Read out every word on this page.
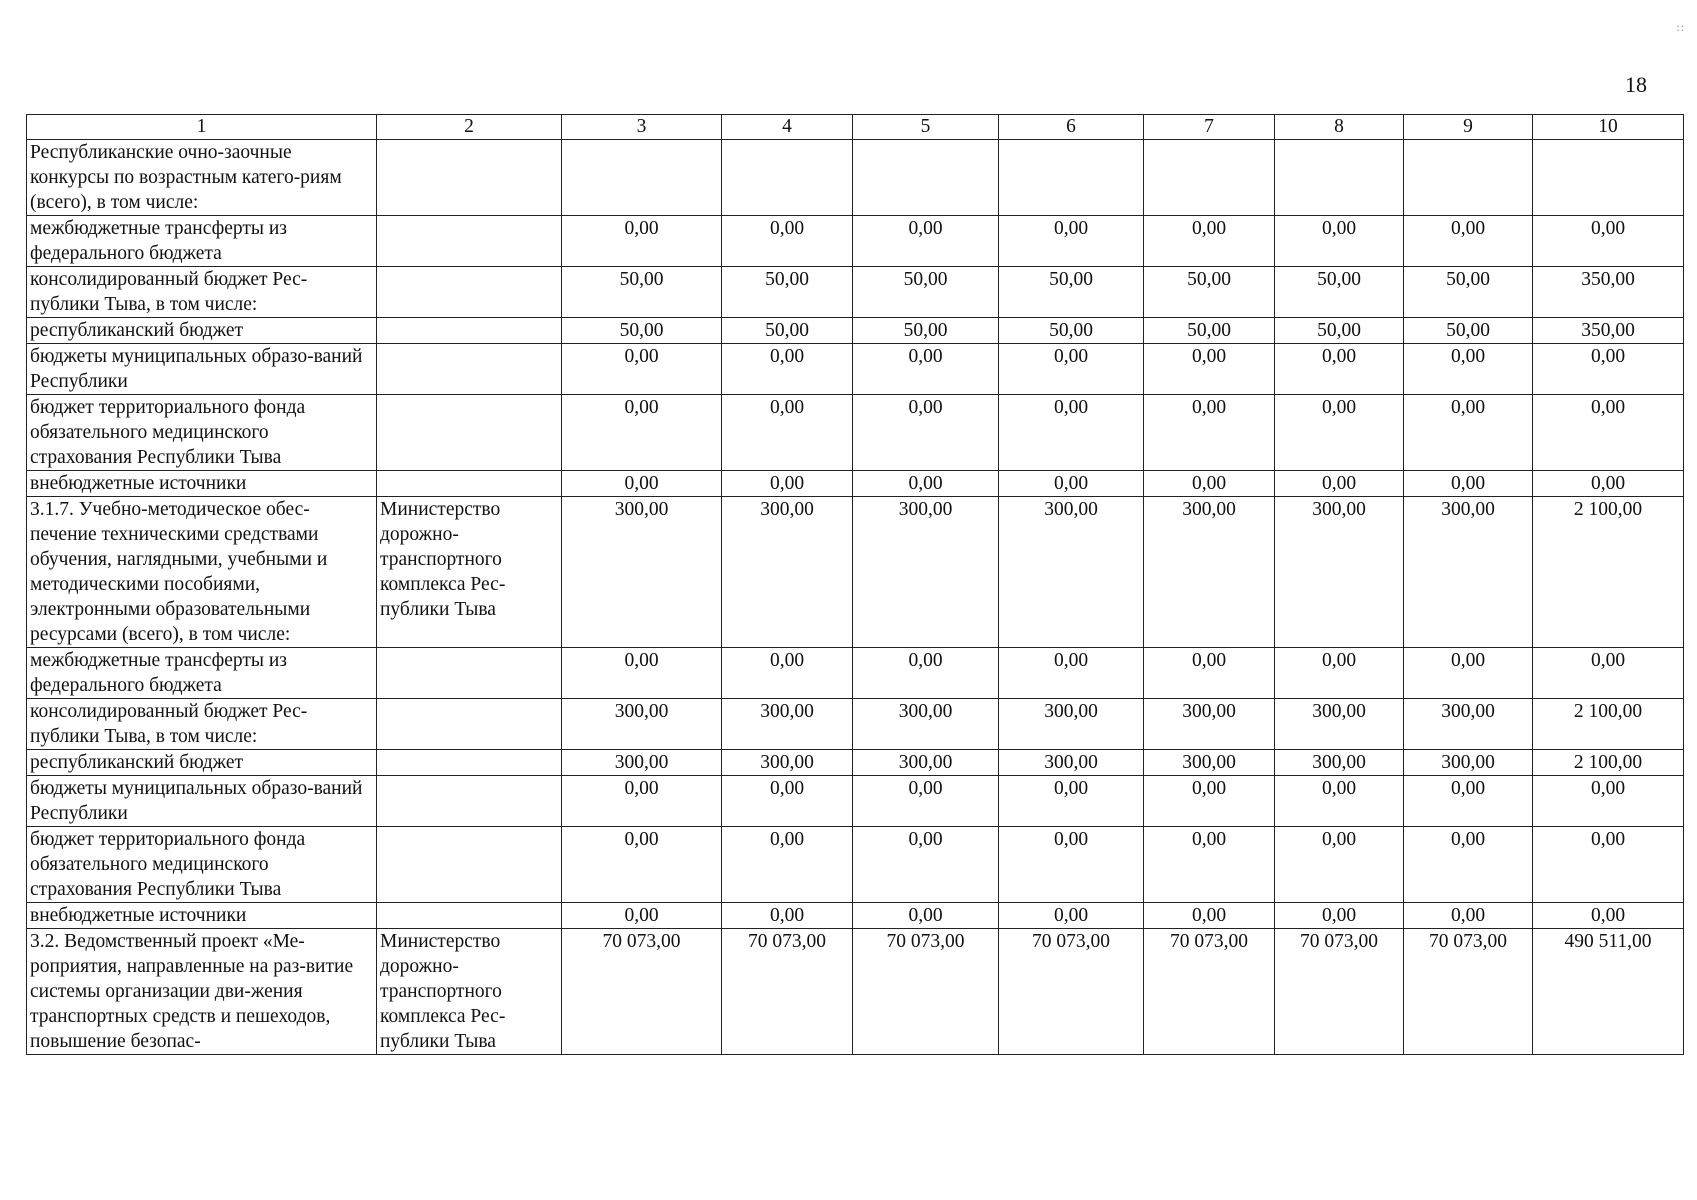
::
18
1	2	3	4	5	6	7	8	9	10
Республиканские очно-заочные конкурсы по возрастным катего-риям (всего), в том числе:									
межбюджетные трансферты из федерального бюджета		0,00	0,00	0,00	0,00	0,00	0,00	0,00	0,00
консолидированный бюджет Рес-публики Тыва, в том числе:		50,00	50,00	50,00	50,00	50,00	50,00	50,00	350,00
республиканский бюджет		50,00	50,00	50,00	50,00	50,00	50,00	50,00	350,00
бюджеты муниципальных образо-ваний Республики		0,00	0,00	0,00	0,00	0,00	0,00	0,00	0,00
бюджет территориального фонда обязательного медицинского страхования Республики Тыва		0,00	0,00	0,00	0,00	0,00	0,00	0,00	0,00
внебюджетные источники		0,00	0,00	0,00	0,00	0,00	0,00	0,00	0,00
3.1.7. Учебно-методическое обес-печение техническими средствами обучения, наглядными, учебными и методическими пособиями, электронными образовательными ресурсами (всего), в том числе:	Министерство дорожно-транспортного комплекса Рес-публики Тыва	300,00	300,00	300,00	300,00	300,00	300,00	300,00	2 100,00
межбюджетные трансферты из федерального бюджета		0,00	0,00	0,00	0,00	0,00	0,00	0,00	0,00
консолидированный бюджет Рес-публики Тыва, в том числе:		300,00	300,00	300,00	300,00	300,00	300,00	300,00	2 100,00
республиканский бюджет		300,00	300,00	300,00	300,00	300,00	300,00	300,00	2 100,00
бюджеты муниципальных образо-ваний Республики		0,00	0,00	0,00	0,00	0,00	0,00	0,00	0,00
бюджет территориального фонда обязательного медицинского страхования Республики Тыва		0,00	0,00	0,00	0,00	0,00	0,00	0,00	0,00
внебюджетные источники		0,00	0,00	0,00	0,00	0,00	0,00	0,00	0,00
3.2. Ведомственный проект «Ме-роприятия, направленные на раз-витие системы организации дви-жения транспортных средств и пешеходов, повышение безопас-	Министерство дорожно-транспортного комплекса Рес-публики Тыва	70 073,00	70 073,00	70 073,00	70 073,00	70 073,00	70 073,00	70 073,00	490 511,00
